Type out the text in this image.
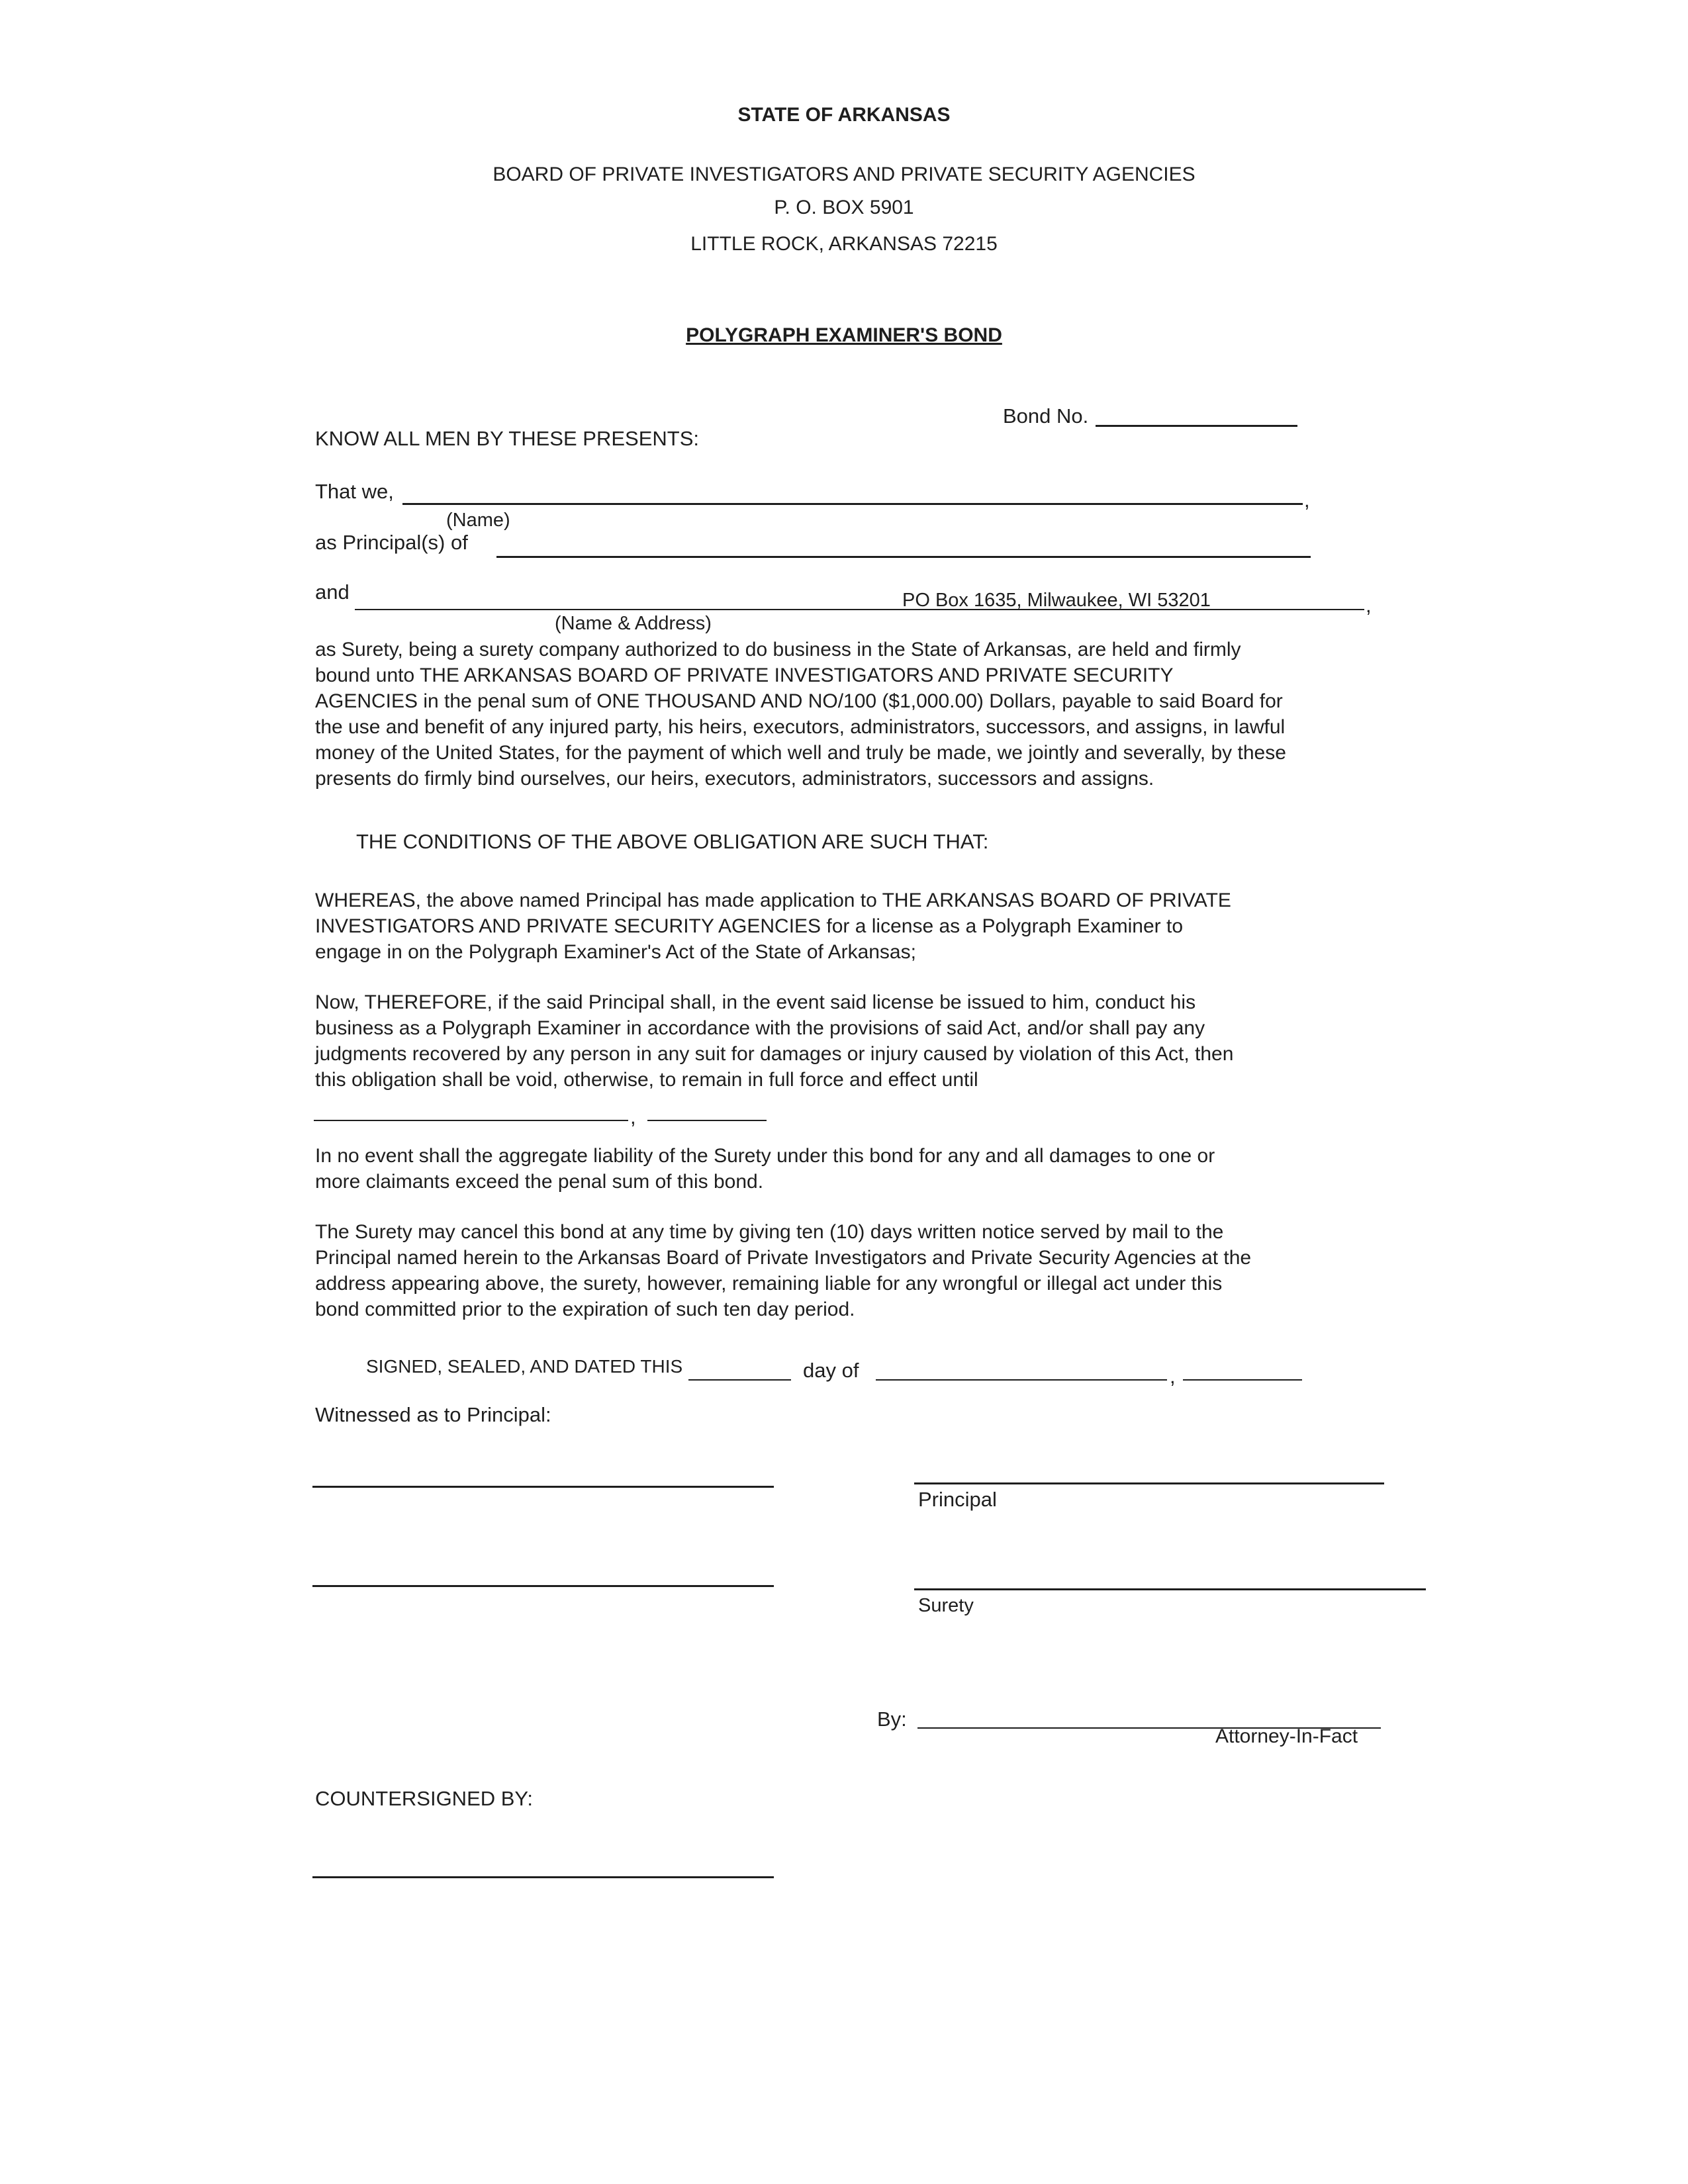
STATE OF ARKANSAS
BOARD OF PRIVATE INVESTIGATORS AND PRIVATE SECURITY AGENCIES
P. O. BOX 5901
LITTLE ROCK, ARKANSAS 72215
POLYGRAPH EXAMINER'S BOND
Bond No.
KNOW ALL MEN BY THESE PRESENTS:
That we,	,
(Name)
as Principal(s) of
and	PO Box 1635, Milwaukee, WI 53201	,
(Name & Address)
as Surety, being a surety company authorized to do business in the State of Arkansas, are held and firmly
bound unto THE ARKANSAS BOARD OF PRIVATE INVESTIGATORS AND PRIVATE SECURITY
AGENCIES in the penal sum of ONE THOUSAND AND NO/100 ($1,000.00) Dollars, payable to said Board for
the use and benefit of any injured party, his heirs, executors, administrators, successors, and assigns, in lawful
money of the United States, for the payment of which well and truly be made, we jointly and severally, by these
presents do firmly bind ourselves, our heirs, executors, administrators, successors and assigns.
THE CONDITIONS OF THE ABOVE OBLIGATION ARE SUCH THAT:
WHEREAS, the above named Principal has made application to THE ARKANSAS BOARD OF PRIVATE
INVESTIGATORS AND PRIVATE SECURITY AGENCIES for a license as a Polygraph Examiner to
engage in on the Polygraph Examiner's Act of the State of Arkansas;
Now, THEREFORE, if the said Principal shall, in the event said license be issued to him, conduct his
business as a Polygraph Examiner in accordance with the provisions of said Act, and/or shall pay any
judgments recovered by any person in any suit for damages or injury caused by violation of this Act, then
this obligation shall be void, otherwise, to remain in full force and effect until
,
In no event shall the aggregate liability of the Surety under this bond for any and all damages to one or
more claimants exceed the penal sum of this bond.
The Surety may cancel this bond at any time by giving ten (10) days written notice served by mail to the
Principal named herein to the Arkansas Board of Private Investigators and Private Security Agencies at the
address appearing above, the surety, however, remaining liable for any wrongful or illegal act under this
bond committed prior to the expiration of such ten day period.
SIGNED, SEALED, AND DATED THIS	day of	,
Witnessed as to Principal:
Principal
Surety
By:
Attorney-In-Fact
COUNTERSIGNED BY:
